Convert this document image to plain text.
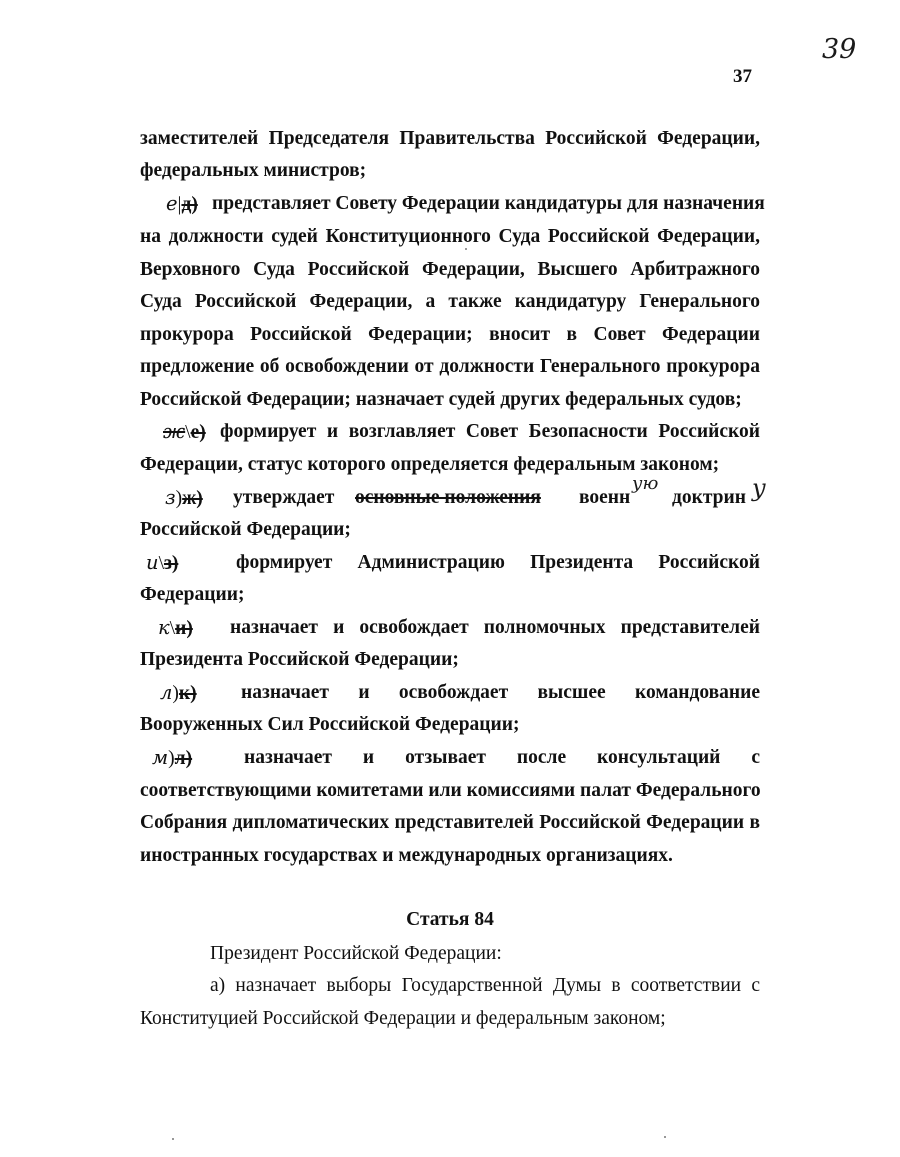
39
37
заместителей Председателя Правительства Российской Федерации,
федеральных министров;
е|д) представляет Совету Федерации кандидатуры для назначения
на должности судей Конституционного Суда Российской Федерации,
Верховного Суда Российской Федерации, Высшего Арбитражного
Суда Российской Федерации, а также кандидатуру Генерального
прокурора Российской Федерации; вносит в Совет Федерации
предложение об освобождении от должности Генерального прокурора
Российской Федерации; назначает судей других федеральных судов;
ж\е) формирует и возглавляет Совет Безопасности Российской
Федерации, статус которого определяется федеральным законом;
з)ж) утверждает основные положения военн
ую
доктрин у
Российской Федерации;
и\з)	формирует Администрацию Президента Российской
Федерации;
к\и) назначает и освобождает полномочных представителей
Президента Российской Федерации;
л)к) назначает и освобождает высшее командование
Вооруженных Сил Российской Федерации;
м)л)	назначает и отзывает после консультаций с
соответствующими комитетами или комиссиями палат Федерального
Собрания дипломатических представителей Российской Федерации в
иностранных государствах и международных организациях.
Статья 84
Президент Российской Федерации:
а) назначает выборы Государственной Думы в соответствии с
Конституцией Российской Федерации и федеральным законом;
